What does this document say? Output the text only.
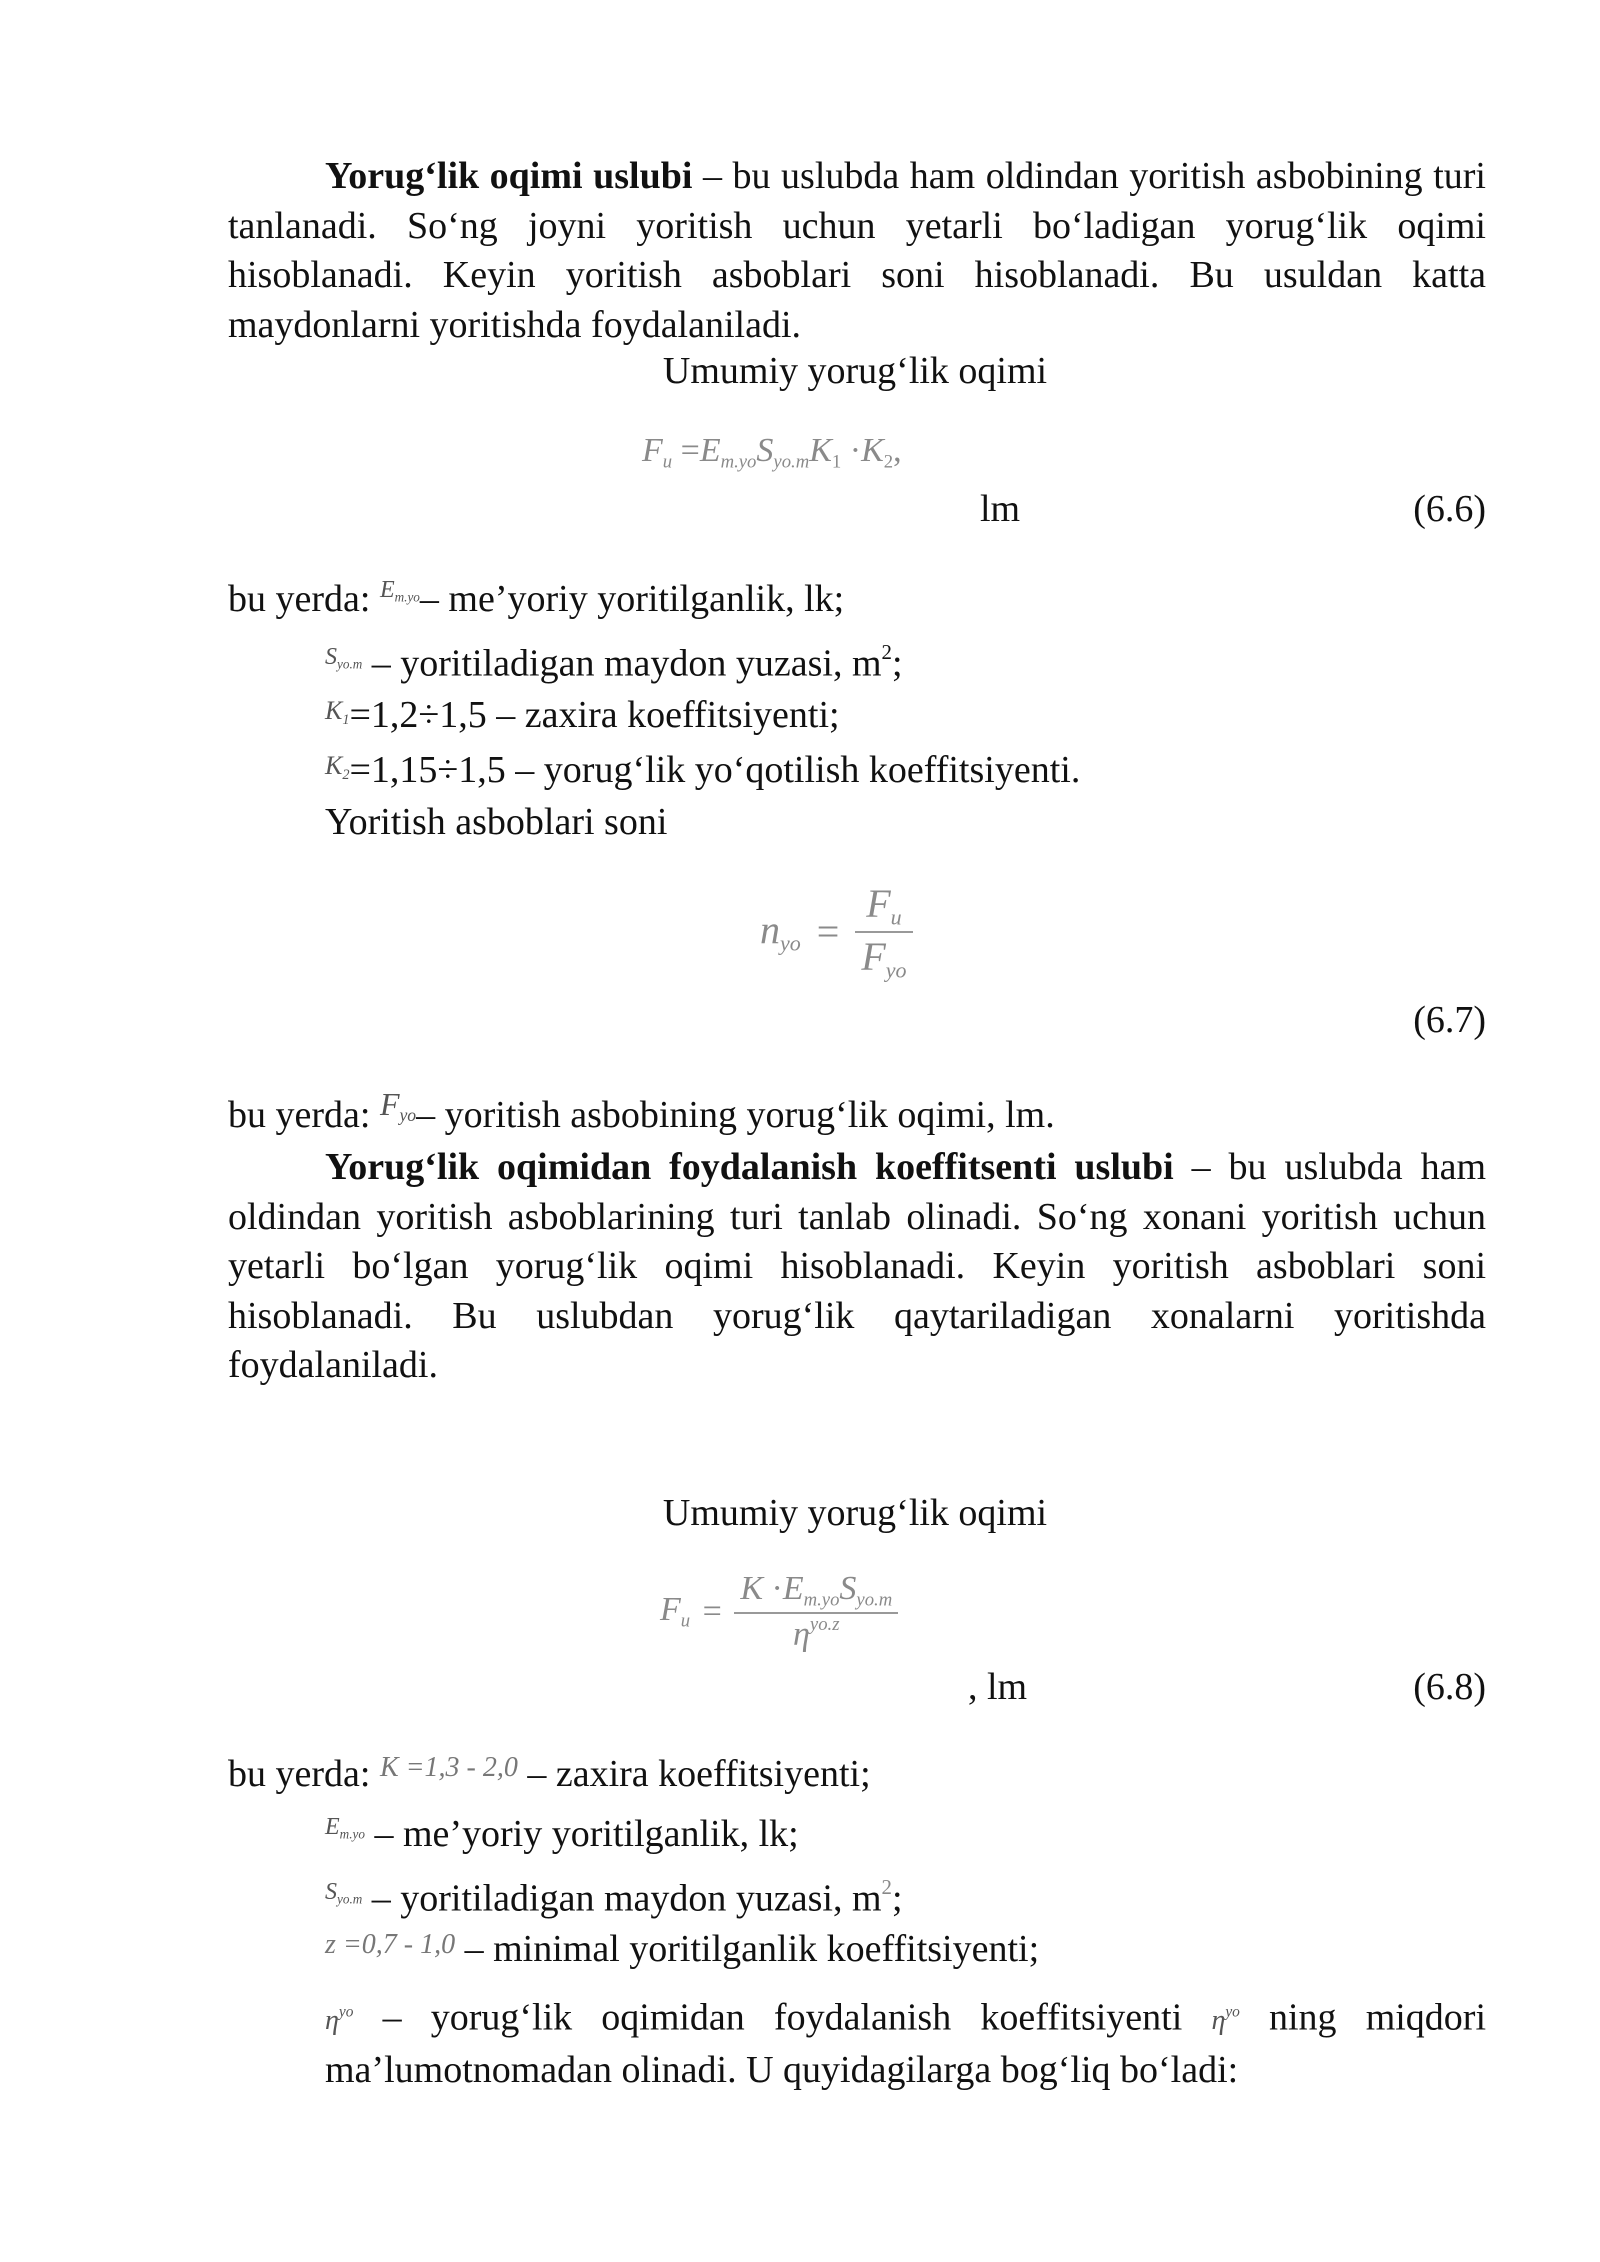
Yorug‘lik oqimi uslubi – bu uslubda ham oldindan yoritish asbobining turi tanlanadi. So‘ng joyni yoritish uchun yetarli bo‘ladigan yorug‘lik oqimi hisoblanadi. Keyin yoritish asboblari soni hisoblanadi. Bu usuldan katta maydonlarni yoritishda foydalaniladi.

Umumiy yorug‘lik oqimi
$F_u =E_{m.yo}S_{yo.m}K_1 \cdot K_2$,
lm	(6.6)
bu yerda: $^{E_{m.yo}}$– me’yoriy yoritilganlik, lk;
$^{S_{yo.m}}$ – yoritiladigan maydon yuzasi, $m^2$;
$^{K_1}$=1,2÷1,5 – zaxira koeffitsiyenti;
$^{K_2}$=1,15÷1,5 – yorug‘lik yo‘qotilish koeffitsiyenti.
Yoritish asboblari soni
$n_{yo} = \frac{F_u}{F_{yo}}$
(6.7)
bu yerda: $^{F_{yo}}$– yoritish asbobining yorug‘lik oqimi, lm.

Yorug‘lik oqimidan foydalanish koeffitsenti uslubi – bu uslubda ham oldindan yoritish asboblarining turi tanlab olinadi. So‘ng xonani yoritish uchun yetarli bo‘lgan yorug‘lik oqimi hisoblanadi. Keyin yoritish asboblari soni hisoblanadi. Bu uslubdan yorug‘lik qaytariladigan xonalarni yoritishda foydalaniladi.

Umumiy yorug‘lik oqimi
$F_u = \frac{K \cdot E_{m.yo}S_{yo.m}}{\eta^{yo.z}}$
, lm	(6.8)
bu yerda: $^{K =1,3 - 2,0}$ – zaxira koeffitsiyenti;
$^{E_{m.yo}}$ – me’yoriy yoritilganlik, lk;
$^{S_{yo.m}}$ – yoritiladigan maydon yuzasi, $m^2$;
$^{z =0,7 - 1,0}$ – minimal yoritilganlik koeffitsiyenti;

$\eta^{yo}$ – yorug‘lik oqimidan foydalanish koeffitsiyenti $\eta^{yo}$ ning miqdori ma’lumotnomadan olinadi. U quyidagilarga bog‘liq bo‘ladi:
